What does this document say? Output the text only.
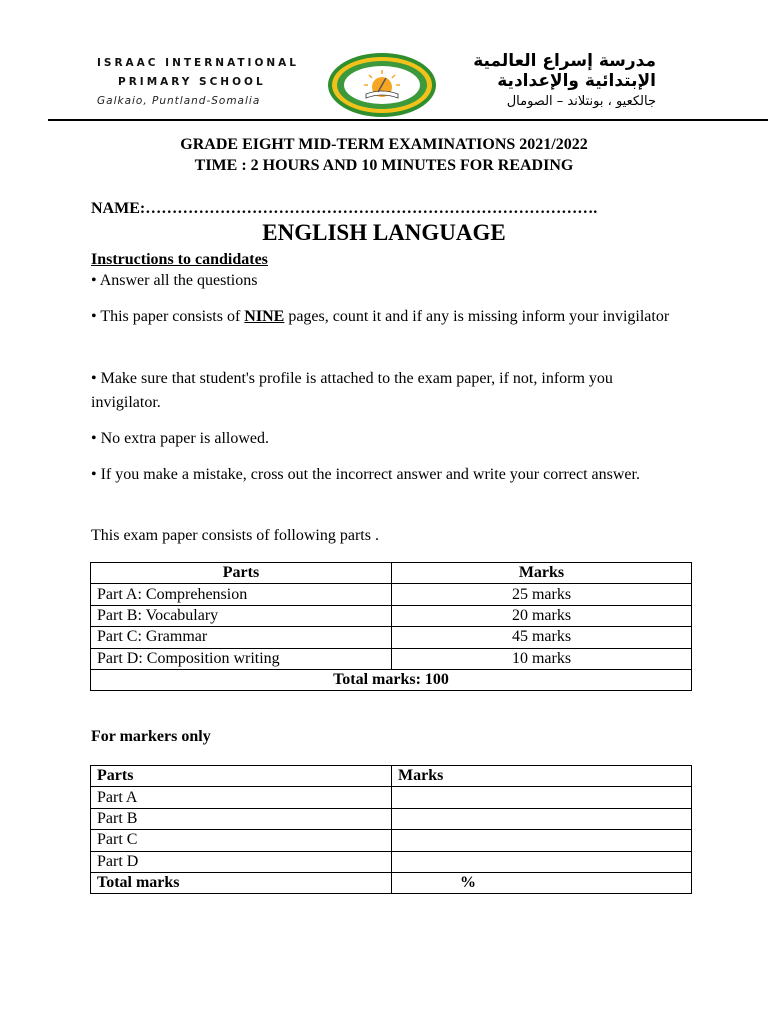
ISRAAC INTERNATIONAL
PRIMARY SCHOOL
Galkaio, Puntland-Somalia
مدرسة إسراع العالمية
الإبتدائية والإعدادية
جالكعيو ، بونتلاند – الصومال
GRADE EIGHT MID-TERM EXAMINATIONS 2021/2022
TIME : 2 HOURS AND 10 MINUTES FOR READING
NAME:………………………………………………………………………….
ENGLISH LANGUAGE
Instructions to candidates
• Answer all the questions
• This paper consists of NINE pages, count it and if any is missing inform your invigilator
• Make sure that student's profile is attached to the exam paper, if not, inform you invigilator.
• No extra paper is allowed.
• If you make a mistake, cross out the incorrect answer and write your correct answer.
This exam paper consists of following parts .
Parts	Marks
Part A: Comprehension	25 marks
Part B: Vocabulary	20 marks
Part C: Grammar	45 marks
Part D: Composition writing	10 marks
Total marks: 100	
For markers only
Parts	Marks
Part A	
Part B	
Part C	
Part D	
Total marks	%
